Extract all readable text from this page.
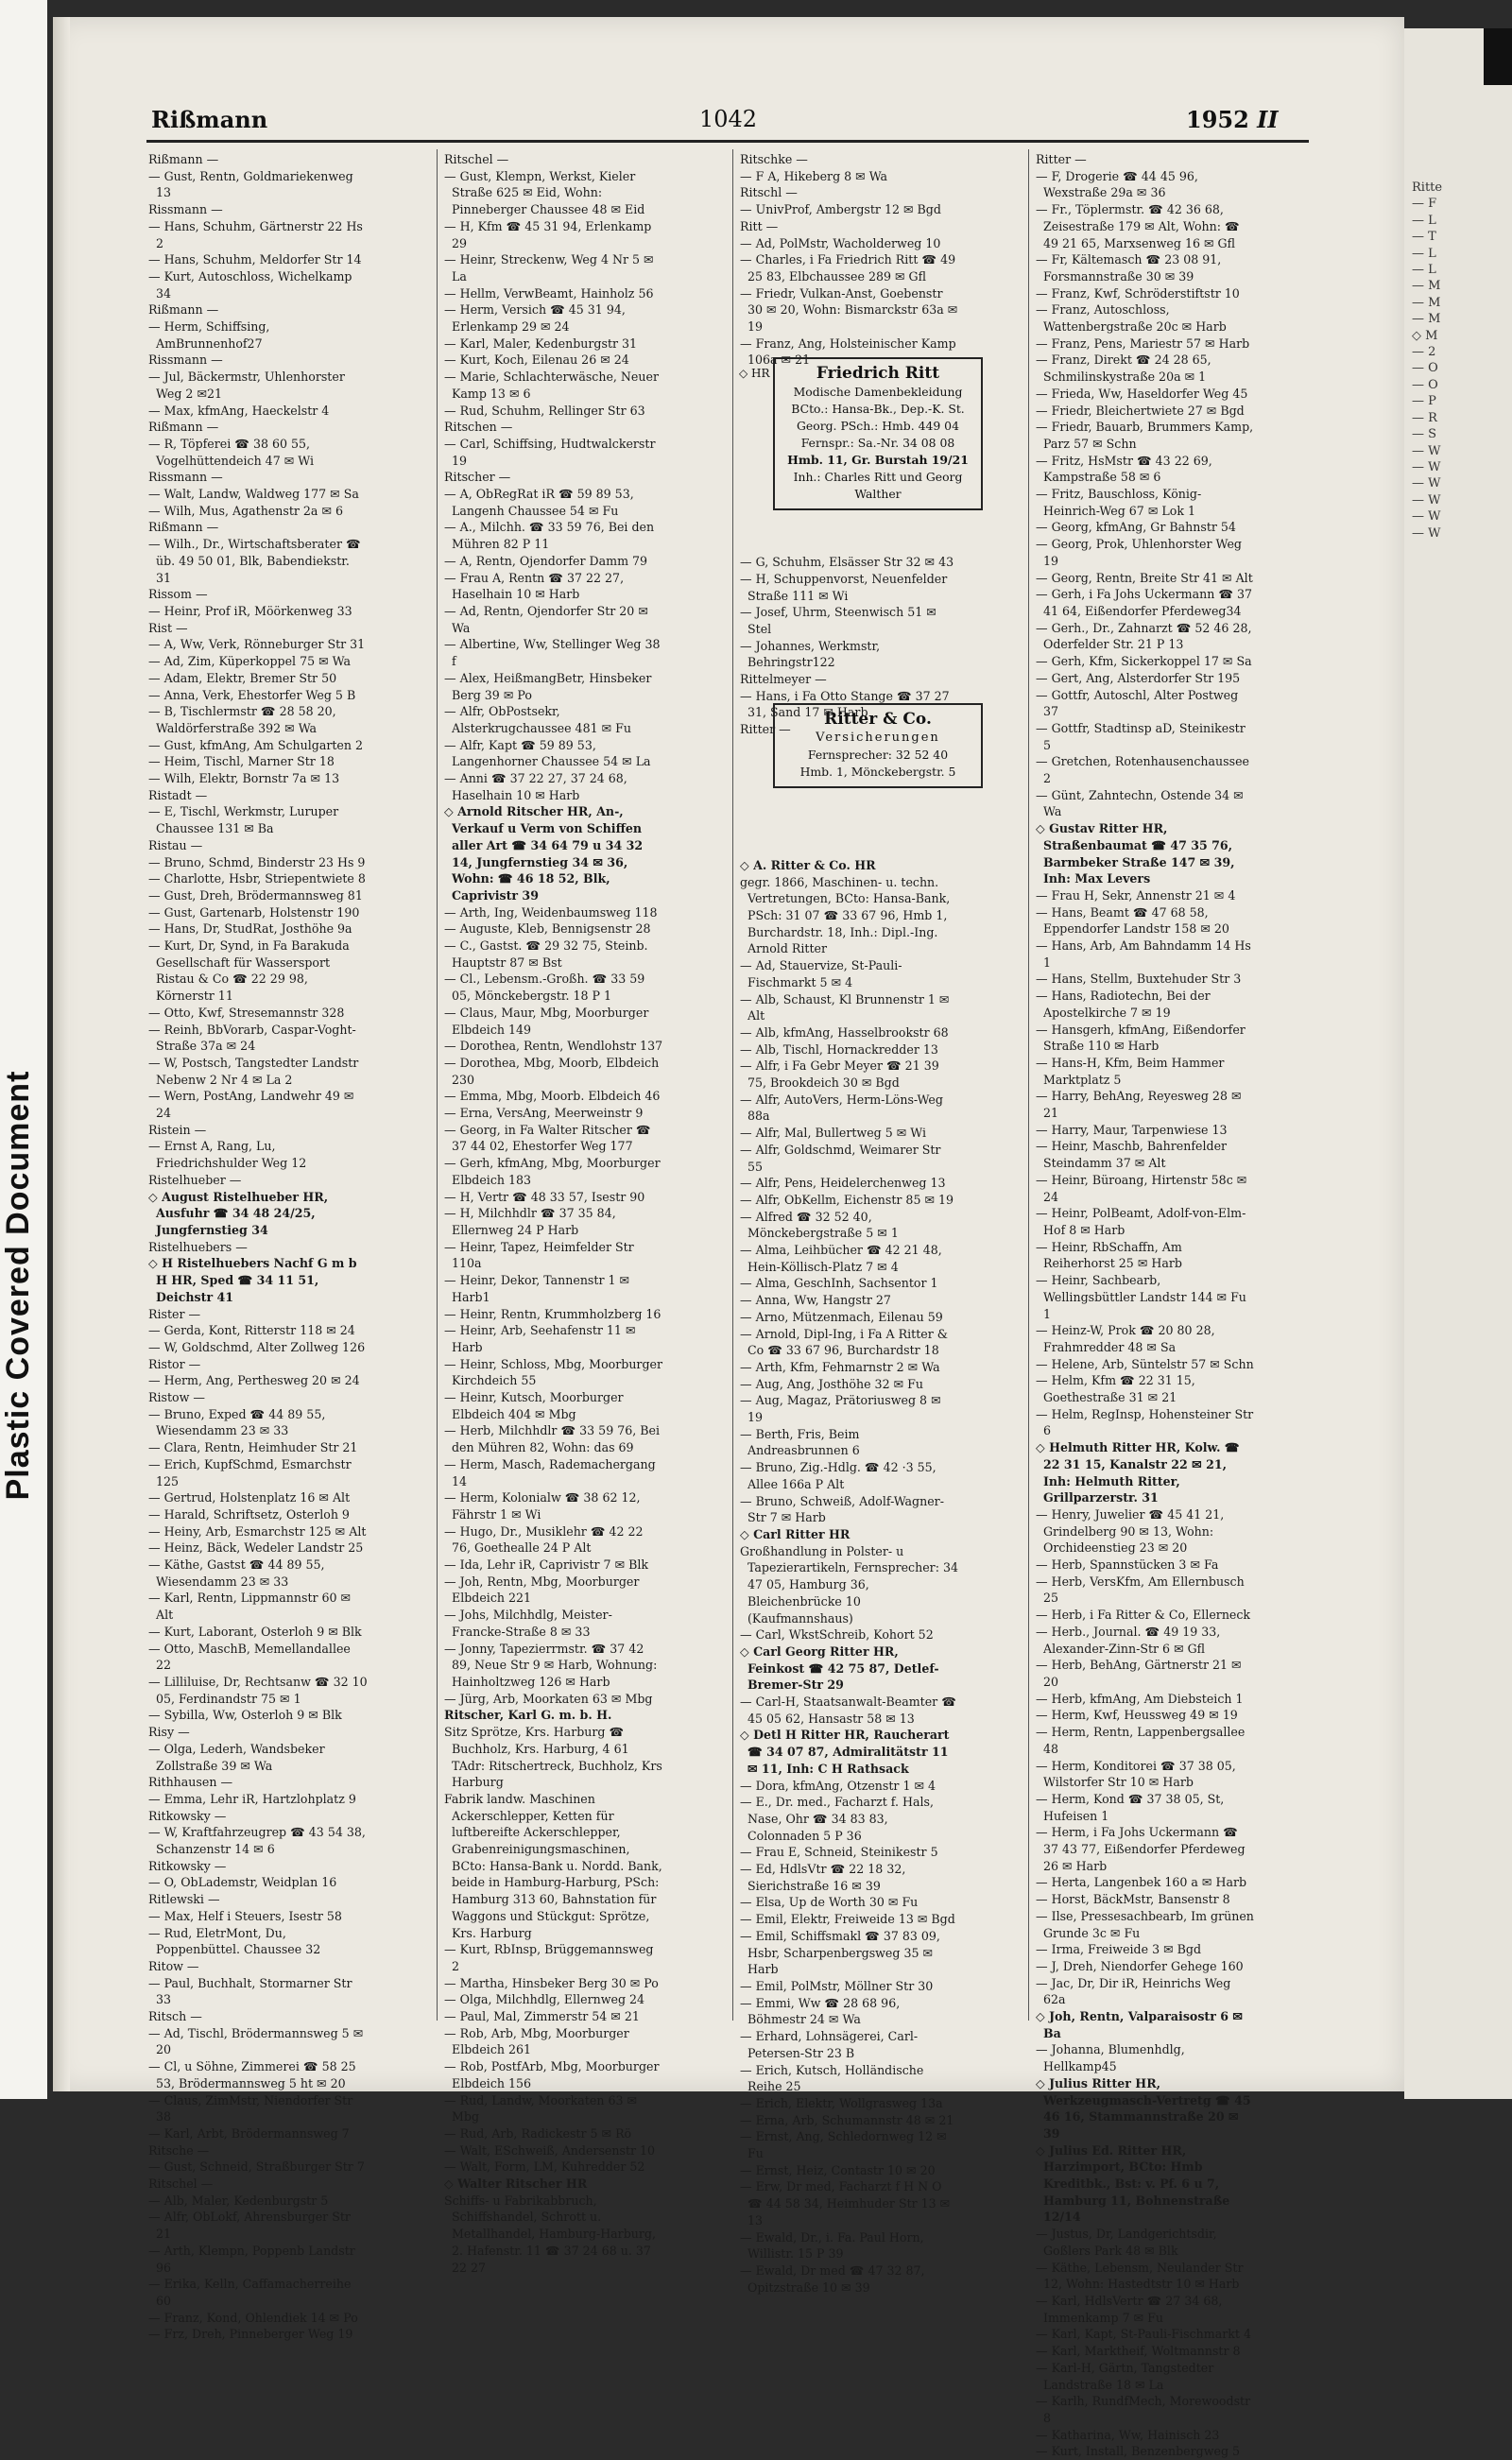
Plastic Covered Document
Ritte
— F
— L
— T
— L
— L
— M
— M
— M
◇ M
— 2
— O
— O
— P
— R
— S
— W
— W
— W
— W
— W
— W
Rißmann	1042	1952 II

Rißmann —

— Gust, Rentn, Goldmariekenweg 13

Rissmann —

— Hans, Schuhm, Gärtnerstr 22 Hs 2

— Hans, Schuhm, Meldorfer Str 14

— Kurt, Autoschloss, Wichelkamp 34

Rißmann —

— Herm, Schiffsing, AmBrunnenhof27

Rissmann —

— Jul, Bäckermstr, Uhlenhorster Weg 2 ✉21

— Max, kfmAng, Haeckelstr 4

Rißmann —

— R, Töpferei ☎ 38 60 55, Vogelhüttendeich 47 ✉ Wi

Rissmann —

— Walt, Landw, Waldweg 177 ✉ Sa

— Wilh, Mus, Agathenstr 2a ✉ 6

Rißmann —

— Wilh., Dr., Wirtschaftsberater ☎ üb. 49 50 01, Blk, Babendiekstr. 31

Rissom —

— Heinr, Prof iR, Möörkenweg 33

Rist —

— A, Ww, Verk, Rönneburger Str 31

— Ad, Zim, Küperkoppel 75 ✉ Wa

— Adam, Elektr, Bremer Str 50

— Anna, Verk, Ehestorfer Weg 5 B

— B, Tischlermstr ☎ 28 58 20, Waldörferstraße 392 ✉ Wa

— Gust, kfmAng, Am Schulgarten 2

— Heim, Tischl, Marner Str 18

— Wilh, Elektr, Bornstr 7a ✉ 13

Ristadt —

— E, Tischl, Werkmstr, Luruper Chaussee 131 ✉ Ba

Ristau —

— Bruno, Schmd, Binderstr 23 Hs 9

— Charlotte, Hsbr, Striepentwiete 8

— Gust, Dreh, Brödermannsweg 81

— Gust, Gartenarb, Holstenstr 190

— Hans, Dr, StudRat, Josthöhe 9a

— Kurt, Dr, Synd, in Fa Barakuda Gesellschaft für Wassersport Ristau & Co ☎ 22 29 98, Körnerstr 11

— Otto, Kwf, Stresemannstr 328

— Reinh, BbVorarb, Caspar-Voght-Straße 37a ✉ 24

— W, Postsch, Tangstedter Landstr Nebenw 2 Nr 4 ✉ La 2

— Wern, PostAng, Landwehr 49 ✉24

Ristein —

— Ernst A, Rang, Lu, Friedrichshulder Weg 12

Ristelhueber —

◇ August Ristelhueber HR, Ausfuhr ☎ 34 48 24/25, Jungfernstieg 34

Ristelhuebers —

◇ H Ristelhuebers Nachf G m b H HR, Sped ☎ 34 11 51, Deichstr 41

Rister —

— Gerda, Kont, Ritterstr 118 ✉ 24

— W, Goldschmd, Alter Zollweg 126

Ristor —

— Herm, Ang, Perthesweg 20 ✉ 24

Ristow —

— Bruno, Exped ☎ 44 89 55, Wiesendamm 23 ✉ 33

— Clara, Rentn, Heimhuder Str 21

— Erich, KupfSchmd, Esmarchstr 125

— Gertrud, Holstenplatz 16 ✉ Alt

— Harald, Schriftsetz, Osterloh 9

— Heiny, Arb, Esmarchstr 125 ✉ Alt

— Heinz, Bäck, Wedeler Landstr 25

— Käthe, Gastst ☎ 44 89 55, Wiesendamm 23 ✉ 33

— Karl, Rentn, Lippmannstr 60 ✉ Alt

— Kurt, Laborant, Osterloh 9 ✉ Blk

— Otto, MaschB, Memellandallee 22

— Lilliluise, Dr, Rechtsanw ☎ 32 10 05, Ferdinandstr 75 ✉ 1

— Sybilla, Ww, Osterloh 9 ✉ Blk

Risy —

— Olga, Lederh, Wandsbeker Zollstraße 39 ✉ Wa

Rithhausen —

— Emma, Lehr iR, Hartzlohplatz 9

Ritkowsky —

— W, Kraftfahrzeugrep ☎ 43 54 38, Schanzenstr 14 ✉ 6

Ritkowsky —

— O, ObLademstr, Weidplan 16

Ritlewski —

— Max, Helf i Steuers, Isestr 58

— Rud, EletrMont, Du, Poppenbüttel. Chaussee 32

Ritow —

— Paul, Buchhalt, Stormarner Str 33

Ritsch —

— Ad, Tischl, Brödermannsweg 5 ✉20

— Cl, u Söhne, Zimmerei ☎ 58 25 53, Brödermannsweg 5 ht ✉ 20

— Claus, ZimMstr, Niendorfer Str 38

— Karl, Arbt, Brödermannsweg 7

Ritsche —

— Gust, Schneid, Straßburger Str 7

Ritschel —

— Alb, Maler, Kedenburgstr 5

— Alfr, ObLokf, Ahrensburger Str 21

— Arth, Klempn, Poppenb Landstr 96

— Erika, Kelln, Caffamacherreihe 60

— Franz, Kond, Ohlendiek 14 ✉ Po

— Frz, Dreh, Pinneberger Weg 19

Ritschel —

— Gust, Klempn, Werkst, Kieler Straße 625 ✉ Eid, Wohn: Pinneberger Chaussee 48 ✉ Eid

— H, Kfm ☎ 45 31 94, Erlenkamp 29

— Heinr, Streckenw, Weg 4 Nr 5 ✉ La

— Hellm, VerwBeamt, Hainholz 56

— Herm, Versich ☎ 45 31 94, Erlenkamp 29 ✉ 24

— Karl, Maler, Kedenburgstr 31

— Kurt, Koch, Eilenau 26 ✉ 24

— Marie, Schlachterwäsche, Neuer Kamp 13 ✉ 6

— Rud, Schuhm, Rellinger Str 63

Ritschen —

— Carl, Schiffsing, Hudtwalckerstr 19

Ritscher —

— A, ObRegRat iR ☎ 59 89 53, Langenh Chaussee 54 ✉ Fu

— A., Milchh. ☎ 33 59 76, Bei den Mühren 82 P 11

— A, Rentn, Ojendorfer Damm 79

— Frau A, Rentn ☎ 37 22 27, Haselhain 10 ✉ Harb

— Ad, Rentn, Ojendorfer Str 20 ✉Wa

— Albertine, Ww, Stellinger Weg 38 f

— Alex, HeißmangBetr, Hinsbeker Berg 39 ✉ Po

— Alfr, ObPostsekr, Alsterkrugchaussee 481 ✉ Fu

— Alfr, Kapt ☎ 59 89 53, Langenhorner Chaussee 54 ✉ La

— Anni ☎ 37 22 27, 37 24 68, Haselhain 10 ✉ Harb

◇ Arnold Ritscher HR, An-, Verkauf u Verm von Schiffen aller Art ☎ 34 64 79 u 34 32 14, Jungfernstieg 34 ✉ 36, Wohn: ☎ 46 18 52, Blk, Caprivistr 39

— Arth, Ing, Weidenbaumsweg 118

— Auguste, Kleb, Bennigsenstr 28

— C., Gastst. ☎ 29 32 75, Steinb. Hauptstr 87 ✉ Bst

— Cl., Lebensm.-Großh. ☎ 33 59 05, Mönckebergstr. 18 P 1

— Claus, Maur, Mbg, Moorburger Elbdeich 149

— Dorothea, Rentn, Wendlohstr 137

— Dorothea, Mbg, Moorb, Elbdeich 230

— Emma, Mbg, Moorb. Elbdeich 46

— Erna, VersAng, Meerweinstr 9

— Georg, in Fa Walter Ritscher ☎ 37 44 02, Ehestorfer Weg 177

— Gerh, kfmAng, Mbg, Moorburger Elbdeich 183

— H, Vertr ☎ 48 33 57, Isestr 90

— H, Milchhdlr ☎ 37 35 84, Ellernweg 24 P Harb

— Heinr, Tapez, Heimfelder Str 110a

— Heinr, Dekor, Tannenstr 1 ✉Harb1

— Heinr, Rentn, Krummholzberg 16

— Heinr, Arb, Seehafenstr 11 ✉ Harb

— Heinr, Schloss, Mbg, Moorburger Kirchdeich 55

— Heinr, Kutsch, Moorburger Elbdeich 404 ✉ Mbg

— Herb, Milchhdlr ☎ 33 59 76, Bei den Mühren 82, Wohn: das 69

— Herm, Masch, Rademachergang 14

— Herm, Kolonialw ☎ 38 62 12, Fährstr 1 ✉ Wi

— Hugo, Dr., Musiklehr ☎ 42 22 76, Goethealle 24 P Alt

— Ida, Lehr iR, Caprivistr 7 ✉ Blk

— Joh, Rentn, Mbg, Moorburger Elbdeich 221

— Johs, Milchhdlg, Meister-Francke-Straße 8 ✉ 33

— Jonny, Tapezierrmstr. ☎ 37 42 89, Neue Str 9 ✉ Harb, Wohnung: Hainholtzweg 126 ✉ Harb

— Jürg, Arb, Moorkaten 63 ✉ Mbg

Ritscher, Karl G. m. b. H.

Sitz Sprötze, Krs. Harburg ☎ Buchholz, Krs. Harburg, 4 61 TAdr: Ritschertreck, Buchholz, Krs Harburg

Fabrik landw. Maschinen Ackerschlepper, Ketten für luftbereifte Ackerschlepper, Grabenreinigungsmaschinen, BCto: Hansa-Bank u. Nordd. Bank, beide in Hamburg-Harburg, PSch: Hamburg 313 60, Bahnstation für Waggons und Stückgut: Sprötze, Krs. Harburg

— Kurt, RbInsp, Brüggemannsweg 2

— Martha, Hinsbeker Berg 30 ✉ Po

— Olga, Milchhdlg, Ellernweg 24

— Paul, Mal, Zimmerstr 54 ✉ 21

— Rob, Arb, Mbg, Moorburger Elbdeich 261

— Rob, PostfArb, Mbg, Moorburger Elbdeich 156

— Rud, Landw, Moorkaten 63 ✉ Mbg

— Rud, Arb, Radickestr 5 ✉ Rö

— Walt, ESchweiß, Andersenstr 10

— Walt, Form, LM, Kuhredder 52

◇ Walter Ritscher HR

Schiffs- u Fabrikabbruch, Schiffshandel, Schrott u. Metallhandel, Hamburg-Harburg, 2. Hafenstr. 11 ☎ 37 24 68 u. 37 22 27

Ritschke —

— F A, Hikeberg 8 ✉ Wa

Ritschl —

— UnivProf, Ambergstr 12 ✉ Bgd

Ritt —

— Ad, PolMstr, Wacholderweg 10

— Charles, i Fa Friedrich Ritt ☎ 49 25 83, Elbchaussee 289 ✉ Gfl

— Friedr, Vulkan-Anst, Goebenstr 30 ✉ 20, Wohn: Bismarckstr 63a ✉19

— Franz, Ang, Holsteinischer Kamp 106a ✉ 21

— G, Schuhm, Elsässer Str 32 ✉ 43

— H, Schuppenvorst, Neuenfelder Straße 111 ✉ Wi

— Josef, Uhrm, Steenwisch 51 ✉Stel

— Johannes, Werkmstr, Behringstr122

Rittelmeyer —

— Hans, i Fa Otto Stange ☎ 37 27 31, Sand 17 ✉ Harb

Ritter —

◇ A. Ritter & Co. HR

gegr. 1866, Maschinen- u. techn. Vertretungen, BCto: Hansa-Bank, PSch: 31 07 ☎ 33 67 96, Hmb 1, Burchardstr. 18, Inh.: Dipl.-Ing. Arnold Ritter

— Ad, Stauervize, St-Pauli-Fischmarkt 5 ✉ 4

— Alb, Schaust, Kl Brunnenstr 1 ✉Alt

— Alb, kfmAng, Hasselbrookstr 68

— Alb, Tischl, Hornackredder 13

— Alfr, i Fa Gebr Meyer ☎ 21 39 75, Brookdeich 30 ✉ Bgd

— Alfr, AutoVers, Herm-Löns-Weg 88a

— Alfr, Mal, Bullertweg 5 ✉ Wi

— Alfr, Goldschmd, Weimarer Str 55

— Alfr, Pens, Heidelerchenweg 13

— Alfr, ObKellm, Eichenstr 85 ✉ 19

— Alfred ☎ 32 52 40, Mönckebergstraße 5 ✉ 1

— Alma, Leihbücher ☎ 42 21 48, Hein-Köllisch-Platz 7 ✉ 4

— Alma, GeschInh, Sachsentor 1

— Anna, Ww, Hangstr 27

— Arno, Mützenmach, Eilenau 59

— Arnold, Dipl-Ing, i Fa A Ritter & Co ☎ 33 67 96, Burchardstr 18

— Arth, Kfm, Fehmarnstr 2 ✉ Wa

— Aug, Ang, Josthöhe 32 ✉ Fu

— Aug, Magaz, Prätoriusweg 8 ✉ 19

— Berth, Fris, Beim Andreasbrunnen 6

— Bruno, Zig.-Hdlg. ☎ 42 ·3 55, Allee 166a P Alt

— Bruno, Schweiß, Adolf-Wagner-Str 7 ✉ Harb

◇ Carl Ritter HR

Großhandlung in Polster- u Tapezierartikeln, Fernsprecher: 34 47 05, Hamburg 36, Bleichenbrücke 10 (Kaufmannshaus)

— Carl, WkstSchreib, Kohort 52

◇ Carl Georg Ritter HR, Feinkost ☎ 42 75 87, Detlef-Bremer-Str 29

— Carl-H, Staatsanwalt-Beamter ☎ 45 05 62, Hansastr 58 ✉ 13

◇ Detl H Ritter HR, Raucherart ☎ 34 07 87, Admiralitätstr 11 ✉ 11, Inh: C H Rathsack

— Dora, kfmAng, Otzenstr 1 ✉ 4

— E., Dr. med., Facharzt f. Hals, Nase, Ohr ☎ 34 83 83, Colonnaden 5 P 36

— Frau E, Schneid, Steinikestr 5

— Ed, HdlsVtr ☎ 22 18 32, Sierichstraße 16 ✉ 39

— Elsa, Up de Worth 30 ✉ Fu

— Emil, Elektr, Freiweide 13 ✉ Bgd

— Emil, Schiffsmakl ☎ 37 83 09, Hsbr, Scharpenbergsweg 35 ✉ Harb

— Emil, PolMstr, Möllner Str 30

— Emmi, Ww ☎ 28 68 96, Böhmestr 24 ✉ Wa

— Erhard, Lohnsägerei, Carl-Petersen-Str 23 B

— Erich, Kutsch, Holländische Reihe 25

— Erich, Elektr, Wollgrasweg 13a

— Erna, Arb, Schumannstr 48 ✉ 21

— Ernst, Ang, Schledornweg 12 ✉Fu

— Ernst, Heiz, Contastr 10 ✉ 20

— Erw, Dr med, Facharzt f H N O ☎ 44 58 34, Heimhuder Str 13 ✉ 13

— Ewald, Dr., i. Fa. Paul Horn, Willistr. 15 P 39

— Ewald, Dr med ☎ 47 32 87, Opitzstraße 10 ✉ 39

Ritter —

— F, Drogerie ☎ 44 45 96, Wexstraße 29a ✉ 36

— Fr., Töplermstr. ☎ 42 36 68, Zeisestraße 179 ✉ Alt, Wohn: ☎ 49 21 65, Marxsenweg 16 ✉ Gfl

— Fr, Kältemasch ☎ 23 08 91, Forsmannstraße 30 ✉ 39

— Franz, Kwf, Schröderstiftstr 10

— Franz, Autoschloss, Wattenbergstraße 20c ✉ Harb

— Franz, Pens, Mariestr 57 ✉ Harb

— Franz, Direkt ☎ 24 28 65, Schmilinskystraße 20a ✉ 1

— Frieda, Ww, Haseldorfer Weg 45

— Friedr, Bleichertwiete 27 ✉ Bgd

— Friedr, Bauarb, Brummers Kamp, Parz 57 ✉ Schn

— Fritz, HsMstr ☎ 43 22 69, Kampstraße 58 ✉ 6

— Fritz, Bauschloss, König-Heinrich-Weg 67 ✉ Lok 1

— Georg, kfmAng, Gr Bahnstr 54

— Georg, Prok, Uhlenhorster Weg 19

— Georg, Rentn, Breite Str 41 ✉ Alt

— Gerh, i Fa Johs Uckermann ☎ 37 41 64, Eißendorfer Pferdeweg34

— Gerh., Dr., Zahnarzt ☎ 52 46 28, Oderfelder Str. 21 P 13

— Gerh, Kfm, Sickerkoppel 17 ✉ Sa

— Gert, Ang, Alsterdorfer Str 195

— Gottfr, Autoschl, Alter Postweg 37

— Gottfr, Stadtinsp aD, Steinikestr 5

— Gretchen, Rotenhausenchaussee 2

— Günt, Zahntechn, Ostende 34 ✉Wa

◇ Gustav Ritter HR, Straßenbaumat ☎ 47 35 76, Barmbeker Straße 147 ✉ 39, Inh: Max Levers

— Frau H, Sekr, Annenstr 21 ✉ 4

— Hans, Beamt ☎ 47 68 58, Eppendorfer Landstr 158 ✉ 20

— Hans, Arb, Am Bahndamm 14 Hs 1

— Hans, Stellm, Buxtehuder Str 3

— Hans, Radiotechn, Bei der Apostelkirche 7 ✉ 19

— Hansgerh, kfmAng, Eißendorfer Straße 110 ✉ Harb

— Hans-H, Kfm, Beim Hammer Marktplatz 5

— Harry, BehAng, Reyesweg 28 ✉21

— Harry, Maur, Tarpenwiese 13

— Heinr, Maschb, Bahrenfelder Steindamm 37 ✉ Alt

— Heinr, Büroang, Hirtenstr 58c ✉24

— Heinr, PolBeamt, Adolf-von-Elm-Hof 8 ✉ Harb

— Heinr, RbSchaffn, Am Reiherhorst 25 ✉ Harb

— Heinr, Sachbearb, Wellingsbüttler Landstr 144 ✉ Fu 1

— Heinz-W, Prok ☎ 20 80 28, Frahmredder 48 ✉ Sa

— Helene, Arb, Süntelstr 57 ✉ Schn

— Helm, Kfm ☎ 22 31 15, Goethestraße 31 ✉ 21

— Helm, RegInsp, Hohensteiner Str 6

◇ Helmuth Ritter HR, Kolw. ☎ 22 31 15, Kanalstr 22 ✉ 21, Inh: Helmuth Ritter, Grillparzerstr. 31

— Henry, Juwelier ☎ 45 41 21, Grindelberg 90 ✉ 13, Wohn: Orchideenstieg 23 ✉ 20

— Herb, Spannstücken 3 ✉ Fa

— Herb, VersKfm, Am Ellernbusch 25

— Herb, i Fa Ritter & Co, Ellerneck

— Herb., Journal. ☎ 49 19 33, Alexander-Zinn-Str 6 ✉ Gfl

— Herb, BehAng, Gärtnerstr 21 ✉ 20

— Herb, kfmAng, Am Diebsteich 1

— Herm, Kwf, Heussweg 49 ✉ 19

— Herm, Rentn, Lappenbergsallee 48

— Herm, Konditorei ☎ 37 38 05, Wilstorfer Str 10 ✉ Harb

— Herm, Kond ☎ 37 38 05, St, Hufeisen 1

— Herm, i Fa Johs Uckermann ☎ 37 43 77, Eißendorfer Pferdeweg 26 ✉ Harb

— Herta, Langenbek 160 a ✉ Harb

— Horst, BäckMstr, Bansenstr 8

— Ilse, Pressesachbearb, Im grünen Grunde 3c ✉ Fu

— Irma, Freiweide 3 ✉ Bgd

— J, Dreh, Niendorfer Gehege 160

— Jac, Dr, Dir iR, Heinrichs Weg 62a

◇ Joh, Rentn, Valparaisostr 6 ✉ Ba

— Johanna, Blumenhdlg, Hellkamp45

◇ Julius Ritter HR, Werkzeugmasch-Vertretg ☎ 45 46 16, Stammannstraße 20 ✉ 39

◇ Julius Ed. Ritter HR, Harzimport, BCto: Hmb Kreditbk., Bst: v. Pf. 6 u 7, Hamburg 11, Bohnenstraße 12/14

— Justus, Dr, Landgerichtsdir, Goßlers Park 48 ✉ Blk

— Käthe, Lebensm, Neulander Str 12, Wohn: Hastedtstr 10 ✉ Harb

— Karl, HdlsVertr ☎ 27 34 68, Immenkamp 7 ✉ Fu

— Karl, Kapt, St-Pauli-Fischmarkt 4

— Karl, Marktheif, Woltmannstr 8

— Karl-H, Gärtn, Tangstedter Landstraße 18 ✉ La

— Karlh, RundfMech, Morewoodstr 8

— Katharina, Ww, Hainisch 23

— Kurt, Install, Benzenbergweg 5

Friedrich Ritt
Modische Damenbekleidung
BCto.: Hansa-Bk., Dep.-K. St. Georg. PSch.: Hmb. 449 04
Fernspr.: Sa.-Nr. 34 08 08
Hmb. 11, Gr. Burstah 19/21
Inh.: Charles Ritt und Georg Walther
◇ HR
Ritter & Co.
Versicherungen
Fernsprecher: 32 52 40
Hmb. 1, Mönckebergstr. 5
